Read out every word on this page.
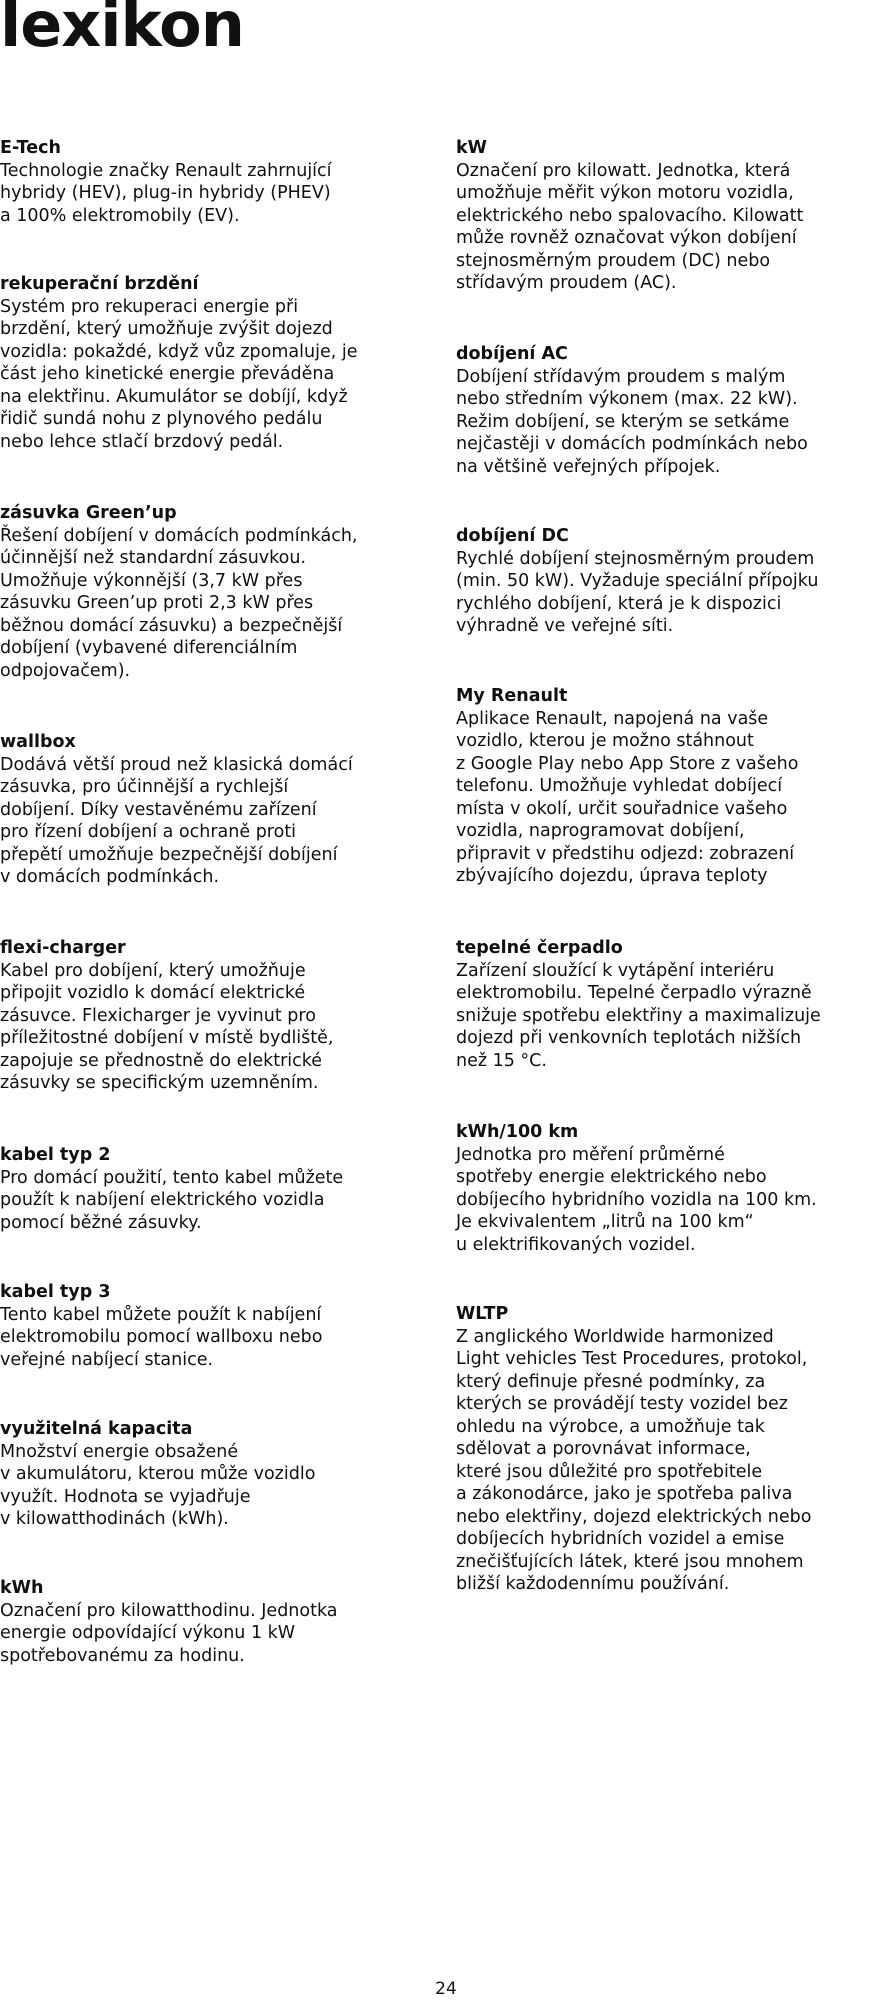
lexikon

E-Tech

Technologie značky Renault zahrnující
hybridy (HEV), plug-in hybridy (PHEV)
a 100% elektromobily (EV).

rekuperační brzdění

Systém pro rekuperaci energie při
brzdění, který umožňuje zvýšit dojezd
vozidla: pokaždé, když vůz zpomaluje, je
část jeho kinetické energie převáděna
na elektřinu. Akumulátor se dobíjí, když
řidič sundá nohu z plynového pedálu
nebo lehce stlačí brzdový pedál.

zásuvka Green’up

Řešení dobíjení v domácích podmínkách,
účinnější než standardní zásuvkou.
Umožňuje výkonnější (3,7 kW přes
zásuvku Green’up proti 2,3 kW přes
běžnou domácí zásuvku) a bezpečnější
dobíjení (vybavené diferenciálním
odpojovačem).

wallbox

Dodává větší proud než klasická domácí
zásuvka, pro účinnější a rychlejší
dobíjení. Díky vestavěnému zařízení
pro řízení dobíjení a ochraně proti
přepětí umožňuje bezpečnější dobíjení
v domácích podmínkách.

flexi-charger

Kabel pro dobíjení, který umožňuje
připojit vozidlo k domácí elektrické
zásuvce. Flexicharger je vyvinut pro
příležitostné dobíjení v místě bydliště,
zapojuje se přednostně do elektrické
zásuvky se specifickým uzemněním.

kabel typ 2

Pro domácí použití, tento kabel můžete
použít k nabíjení elektrického vozidla
pomocí běžné zásuvky.

kabel typ 3

Tento kabel můžete použít k nabíjení
elektromobilu pomocí wallboxu nebo
veřejné nabíjecí stanice.

využitelná kapacita

Množství energie obsažené
v akumulátoru, kterou může vozidlo
využít. Hodnota se vyjadřuje
v kilowatthodinách (kWh).

kWh

Označení pro kilowatthodinu. Jednotka
energie odpovídající výkonu 1 kW
spotřebovanému za hodinu.

kW

Označení pro kilowatt. Jednotka, která
umožňuje měřit výkon motoru vozidla,
elektrického nebo spalovacího. Kilowatt
může rovněž označovat výkon dobíjení
stejnosměrným proudem (DC) nebo
střídavým proudem (AC).

dobíjení AC

Dobíjení střídavým proudem s malým
nebo středním výkonem (max. 22 kW).
Režim dobíjení, se kterým se setkáme
nejčastěji v domácích podmínkách nebo
na většině veřejných přípojek.

dobíjení DC

Rychlé dobíjení stejnosměrným proudem
(min. 50 kW). Vyžaduje speciální přípojku
rychlého dobíjení, která je k dispozici
výhradně ve veřejné síti.

My Renault

Aplikace Renault, napojená na vaše
vozidlo, kterou je možno stáhnout
z Google Play nebo App Store z vašeho
telefonu. Umožňuje vyhledat dobíjecí
místa v okolí, určit souřadnice vašeho
vozidla, naprogramovat dobíjení,
připravit v předstihu odjezd: zobrazení
zbývajícího dojezdu, úprava teploty

tepelné čerpadlo

Zařízení sloužící k vytápění interiéru
elektromobilu. Tepelné čerpadlo výrazně
snižuje spotřebu elektřiny a maximalizuje
dojezd při venkovních teplotách nižších
než 15 °C.

kWh/100 km

Jednotka pro měření průměrné
spotřeby energie elektrického nebo
dobíjecího hybridního vozidla na 100 km.
Je ekvivalentem „litrů na 100 km“
u elektrifikovaných vozidel.

WLTP

Z anglického Worldwide harmonized
Light vehicles Test Procedures, protokol,
který definuje přesné podmínky, za
kterých se provádějí testy vozidel bez
ohledu na výrobce, a umožňuje tak
sdělovat a porovnávat informace,
které jsou důležité pro spotřebitele
a zákonodárce, jako je spotřeba paliva
nebo elektřiny, dojezd elektrických nebo
dobíjecích hybridních vozidel a emise
znečišťujících látek, které jsou mnohem
bližší každodennímu používání.

24
